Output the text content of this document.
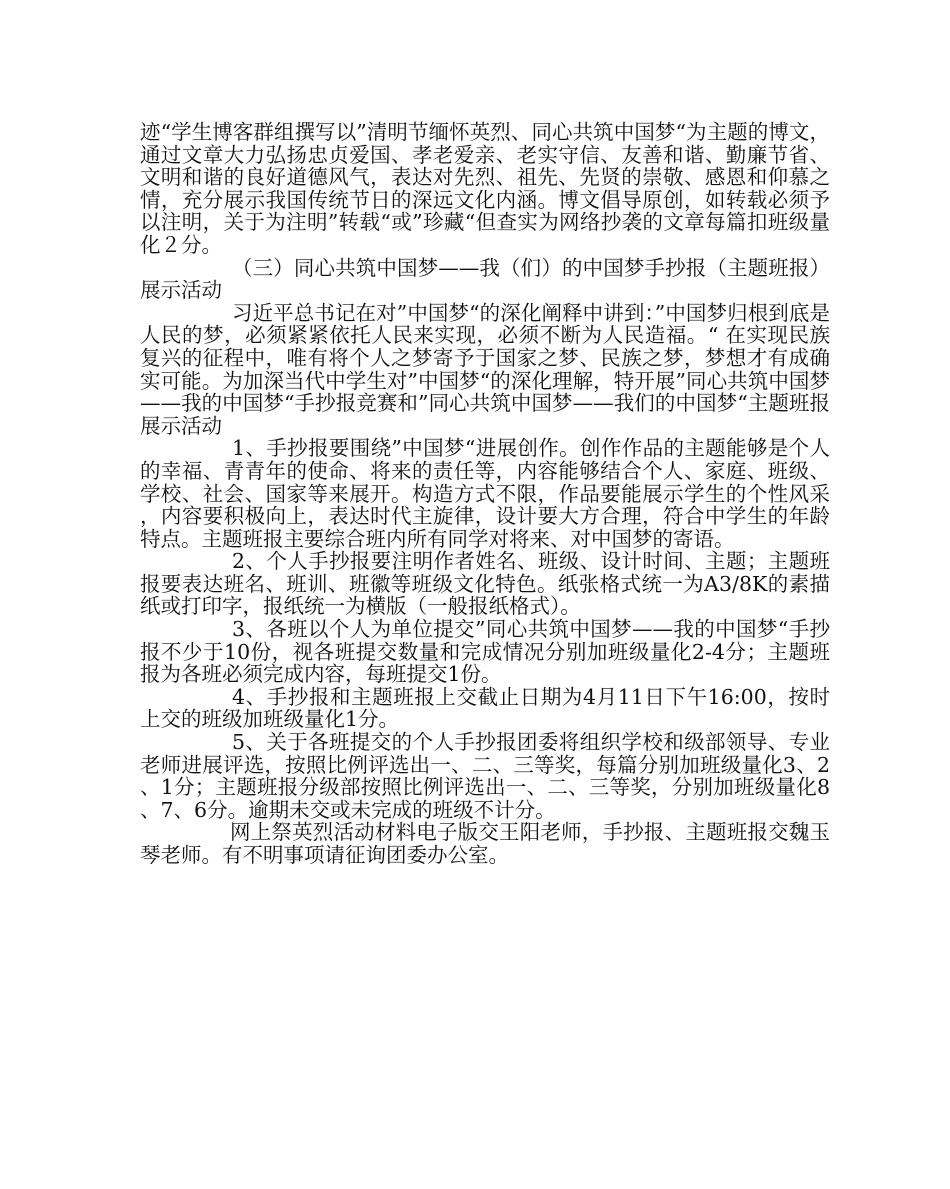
迹“学生博客群组撰写以”清明节缅怀英烈、同心共筑中国梦“为主题的博文，通过文章大力弘扬忠贞爱国、孝老爱亲、老实守信、友善和谐、勤廉节省、文明和谐的良好道德风气，表达对先烈、祖先、先贤的崇敬、感恩和仰慕之情，充分展示我国传统节日的深远文化内涵。博文倡导原创，如转载必须予以注明，关于为注明”转载“或”珍藏“但查实为网络抄袭的文章每篇扣班级量化２分。

（三）同心共筑中国梦——我（们）的中国梦手抄报（主题班报）展示活动

习近平总书记在对”中国梦“的深化阐释中讲到：”中国梦归根到底是人民的梦，必须紧紧依托人民来实现，必须不断为人民造福。“ 在实现民族复兴的征程中，唯有将个人之梦寄予于国家之梦、民族之梦，梦想才有成确实可能。为加深当代中学生对”中国梦“的深化理解，特开展”同心共筑中国梦——我的中国梦“手抄报竞赛和”同心共筑中国梦——我们的中国梦“主题班报展示活动

1、手抄报要围绕”中国梦“进展创作。创作作品的主题能够是个人的幸福、青青年的使命、将来的责任等，内容能够结合个人、家庭、班级、学校、社会、国家等来展开。构造方式不限，作品要能展示学生的个性风采，内容要积极向上，表达时代主旋律，设计要大方合理，符合中学生的年龄特点。主题班报主要综合班内所有同学对将来、对中国梦的寄语。

2、个人手抄报要注明作者姓名、班级、设计时间、主题；主题班报要表达班名、班训、班徽等班级文化特色。纸张格式统一为A3/8K的素描纸或打印字，报纸统一为横版（一般报纸格式）。

3、各班以个人为单位提交”同心共筑中国梦——我的中国梦“手抄报不少于10份，视各班提交数量和完成情况分别加班级量化2-4分；主题班报为各班必须完成内容，每班提交1份。

4、手抄报和主题班报上交截止日期为4月11日下午16:00，按时上交的班级加班级量化1分。

5、关于各班提交的个人手抄报团委将组织学校和级部领导、专业老师进展评选，按照比例评选出一、二、三等奖，每篇分别加班级量化3、2、1分；主题班报分级部按照比例评选出一、二、三等奖，分别加班级量化8、7、6分。逾期未交或未完成的班级不计分。

网上祭英烈活动材料电子版交王阳老师，手抄报、主题班报交魏玉琴老师。有不明事项请征询团委办公室。
